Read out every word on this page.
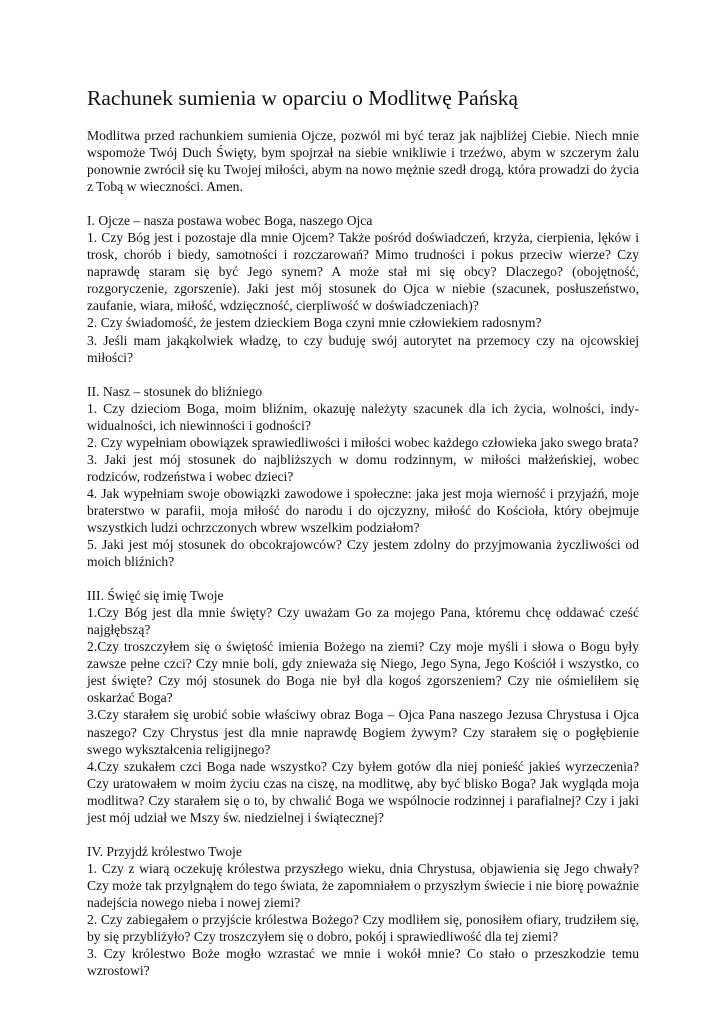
Rachunek sumienia w oparciu o Modlitwę Pańską

Modlitwa przed rachunkiem sumienia Ojcze, pozwól mi być teraz jak najbliżej Ciebie. Niech mnie wspomoże Twój Duch Święty, bym spojrzał na siebie wnikliwie i trzeźwo, abym w szczerym żalu ponownie zwrócił się ku Twojej miłości, abym na nowo mężnie szedł drogą, która prowadzi do życia z Tobą w wieczności. Amen.

I. Ojcze – nasza postawa wobec Boga, naszego Ojca

1. Czy Bóg jest i pozostaje dla mnie Ojcem? Także pośród doświadczeń, krzyża, cierpienia, lęków i trosk, chorób i biedy, samotności i rozczarowań? Mimo trudności i pokus przeciw wierze? Czy naprawdę staram się być Jego synem? A może stał mi się obcy? Dlaczego? (obojętność, rozgoryczenie, zgorszenie). Jaki jest mój stosunek do Ojca w niebie (szacunek, posłuszeństwo, zaufanie, wiara, miłość, wdzięczność, cierpliwość w doświadczeniach)?

2. Czy świadomość, że jestem dzieckiem Boga czyni mnie człowiekiem radosnym?

3. Jeśli mam jakąkolwiek władzę, to czy buduję swój autorytet na przemocy czy na ojcowskiej miłości?

II. Nasz – stosunek do bliźniego

1. Czy dzieciom Boga, moim bliźnim, okazuję należyty szacunek dla ich życia, wolności, indy-widualności, ich niewinności i godności?

2. Czy wypełniam obowiązek sprawiedliwości i miłości wobec każdego człowieka jako swego brata?

3. Jaki jest mój stosunek do najbliższych w domu rodzinnym, w miłości małżeńskiej, wobec rodziców, rodzeństwa i wobec dzieci?

4. Jak wypełniam swoje obowiązki zawodowe i społeczne: jaka jest moja wierność i przyjaźń, moje braterstwo w parafii, moja miłość do narodu i do ojczyzny, miłość do Kościoła, który obejmuje wszystkich ludzi ochrzczonych wbrew wszelkim podziałom?

5. Jaki jest mój stosunek do obcokrajowców? Czy jestem zdolny do przyjmowania życzliwości od moich bliźnich?

III. Święć się imię Twoje

1.Czy Bóg jest dla mnie święty? Czy uważam Go za mojego Pana, któremu chcę oddawać cześć najgłębszą?

2.Czy troszczyłem się o świętość imienia Bożego na ziemi? Czy moje myśli i słowa o Bogu były zawsze pełne czci? Czy mnie boli, gdy znieważa się Niego, Jego Syna, Jego Kościół i wszystko, co jest święte? Czy mój stosunek do Boga nie był dla kogoś zgorszeniem? Czy nie ośmieliłem się oskarżać Boga?

3.Czy starałem się urobić sobie właściwy obraz Boga – Ojca Pana naszego Jezusa Chrystusa i Ojca naszego? Czy Chrystus jest dla mnie naprawdę Bogiem żywym? Czy starałem się o pogłębienie swego wykształcenia religijnego?

4.Czy szukałem czci Boga nade wszystko? Czy byłem gotów dla niej ponieść jakieś wyrzeczenia? Czy uratowałem w moim życiu czas na ciszę, na modlitwę, aby być blisko Boga? Jak wygląda moja modlitwa? Czy starałem się o to, by chwalić Boga we wspólnocie rodzinnej i parafialnej? Czy i jaki jest mój udział we Mszy św. niedzielnej i świątecznej?

IV. Przyjdź królestwo Twoje

1. Czy z wiarą oczekuję królestwa przyszłego wieku, dnia Chrystusa, objawienia się Jego chwały? Czy może tak przylgnąłem do tego świata, że zapomniałem o przyszłym świecie i nie biorę poważnie nadejścia nowego nieba i nowej ziemi?

2. Czy zabiegałem o przyjście królestwa Bożego? Czy modliłem się, ponosiłem ofiary, trudziłem się, by się przybliżyło? Czy troszczyłem się o dobro, pokój i sprawiedliwość dla tej ziemi?

3. Czy królestwo Boże mogło wzrastać we mnie i wokół mnie? Co stało o przeszkodzie temu wzrostowi?
